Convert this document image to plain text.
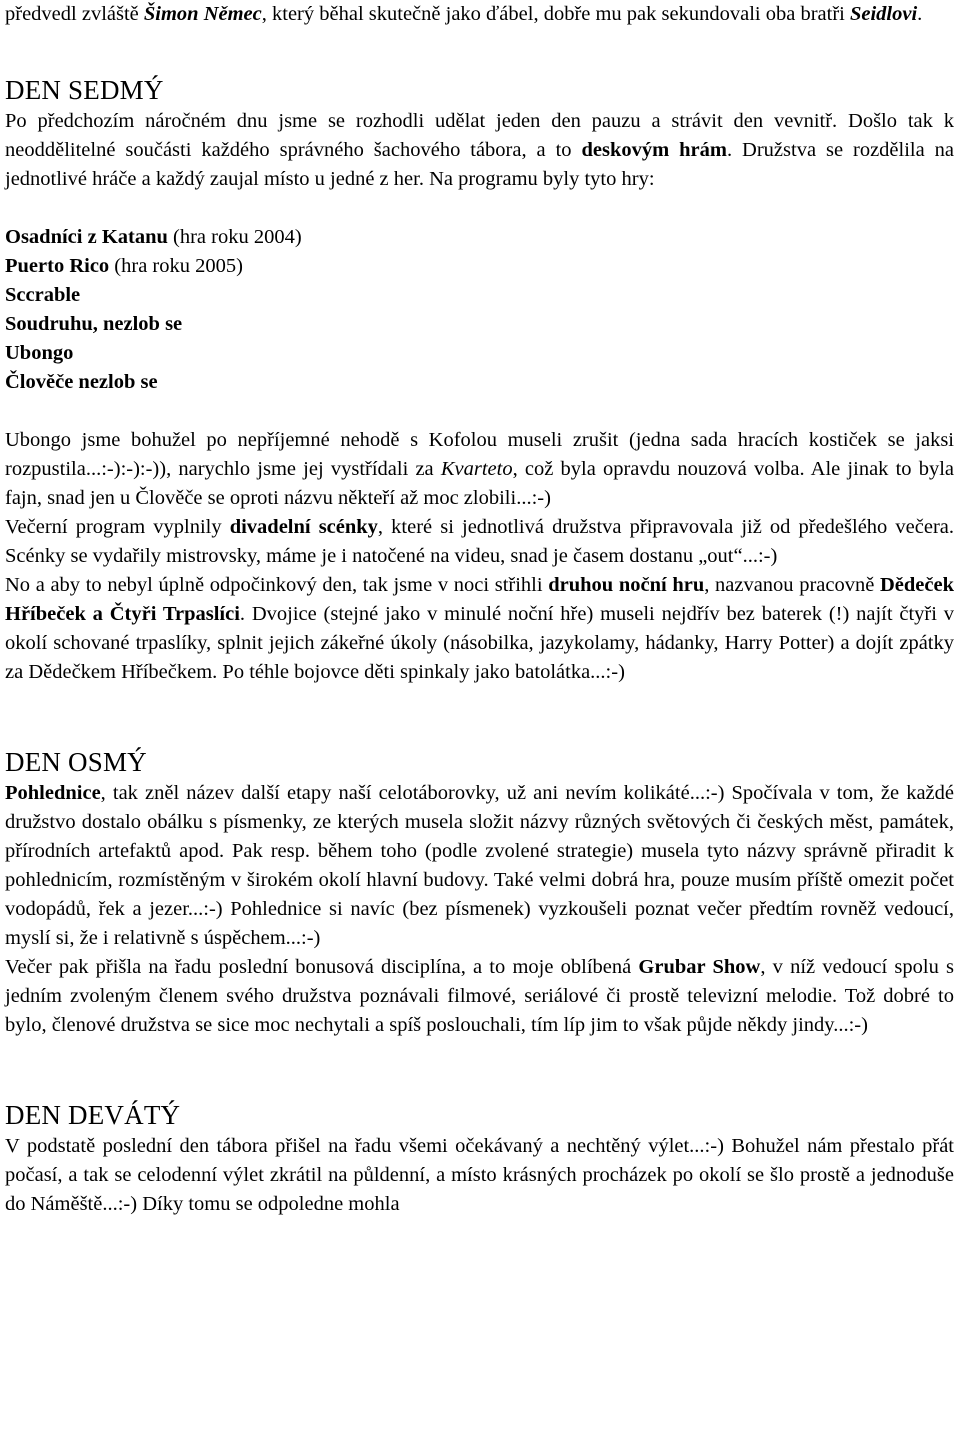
předvedl zvláště Šimon Němec, který běhal skutečně jako ďábel, dobře mu pak sekundovali oba bratři Seidlovi.

DEN SEDMÝ

Po předchozím náročném dnu jsme se rozhodli udělat jeden den pauzu a strávit den vevnitř. Došlo tak k neoddělitelné součásti každého správného šachového tábora, a to deskovým hrám. Družstva se rozdělila na jednotlivé hráče a každý zaujal místo u jedné z her. Na programu byly tyto hry:

Osadníci z Katanu (hra roku 2004)

Puerto Rico (hra roku 2005)

Sccrable

Soudruhu, nezlob se

Ubongo

Člověče nezlob se

Ubongo jsme bohužel po nepříjemné nehodě s Kofolou museli zrušit (jedna sada hracích kostiček se jaksi rozpustila...:-):-):-)), narychlo jsme jej vystřídali za Kvarteto, což byla opravdu nouzová volba. Ale jinak to byla fajn, snad jen u Člověče se oproti názvu někteří až moc zlobili...:-)

Večerní program vyplnily divadelní scénky, které si jednotlivá družstva připravovala již od předešlého večera. Scénky se vydařily mistrovsky, máme je i natočené na videu, snad je časem dostanu „out“...:-)

No a aby to nebyl úplně odpočinkový den, tak jsme v noci střihli druhou noční hru, nazvanou pracovně Dědeček Hříbeček a Čtyři Trpaslíci. Dvojice (stejné jako v minulé noční hře) museli nejdřív bez baterek (!) najít čtyři v okolí schované trpaslíky, splnit jejich zákeřné úkoly (násobilka, jazykolamy, hádanky, Harry Potter) a dojít zpátky za Dědečkem Hříbečkem. Po téhle bojovce děti spinkaly jako batolátka...:-)

DEN OSMÝ

Pohlednice, tak zněl název další etapy naší celotáborovky, už ani nevím kolikáté...:-) Spočívala v tom, že každé družstvo dostalo obálku s písmenky, ze kterých musela složit názvy různých světových či českých měst, památek, přírodních artefaktů apod. Pak resp. během toho (podle zvolené strategie) musela tyto názvy správně přiradit k pohlednicím, rozmístěným v širokém okolí hlavní budovy. Také velmi dobrá hra, pouze musím příště omezit počet vodopádů, řek a jezer...:-) Pohlednice si navíc (bez písmenek) vyzkoušeli poznat večer předtím rovněž vedoucí, myslí si, že i relativně s úspěchem...:-)

Večer pak přišla na řadu poslední bonusová disciplína, a to moje oblíbená Grubar Show, v níž vedoucí spolu s jedním zvoleným členem svého družstva poznávali filmové, seriálové či prostě televizní melodie. Tož dobré to bylo, členové družstva se sice moc nechytali a spíš poslouchali, tím líp jim to však půjde někdy jindy...:-)

DEN DEVÁTÝ

V podstatě poslední den tábora přišel na řadu všemi očekávaný a nechtěný výlet...:-) Bohužel nám přestalo přát počasí, a tak se celodenní výlet zkrátil na půldenní, a místo krásných procházek po okolí se šlo prostě a jednoduše do Náměště...:-) Díky tomu se odpoledne mohla
